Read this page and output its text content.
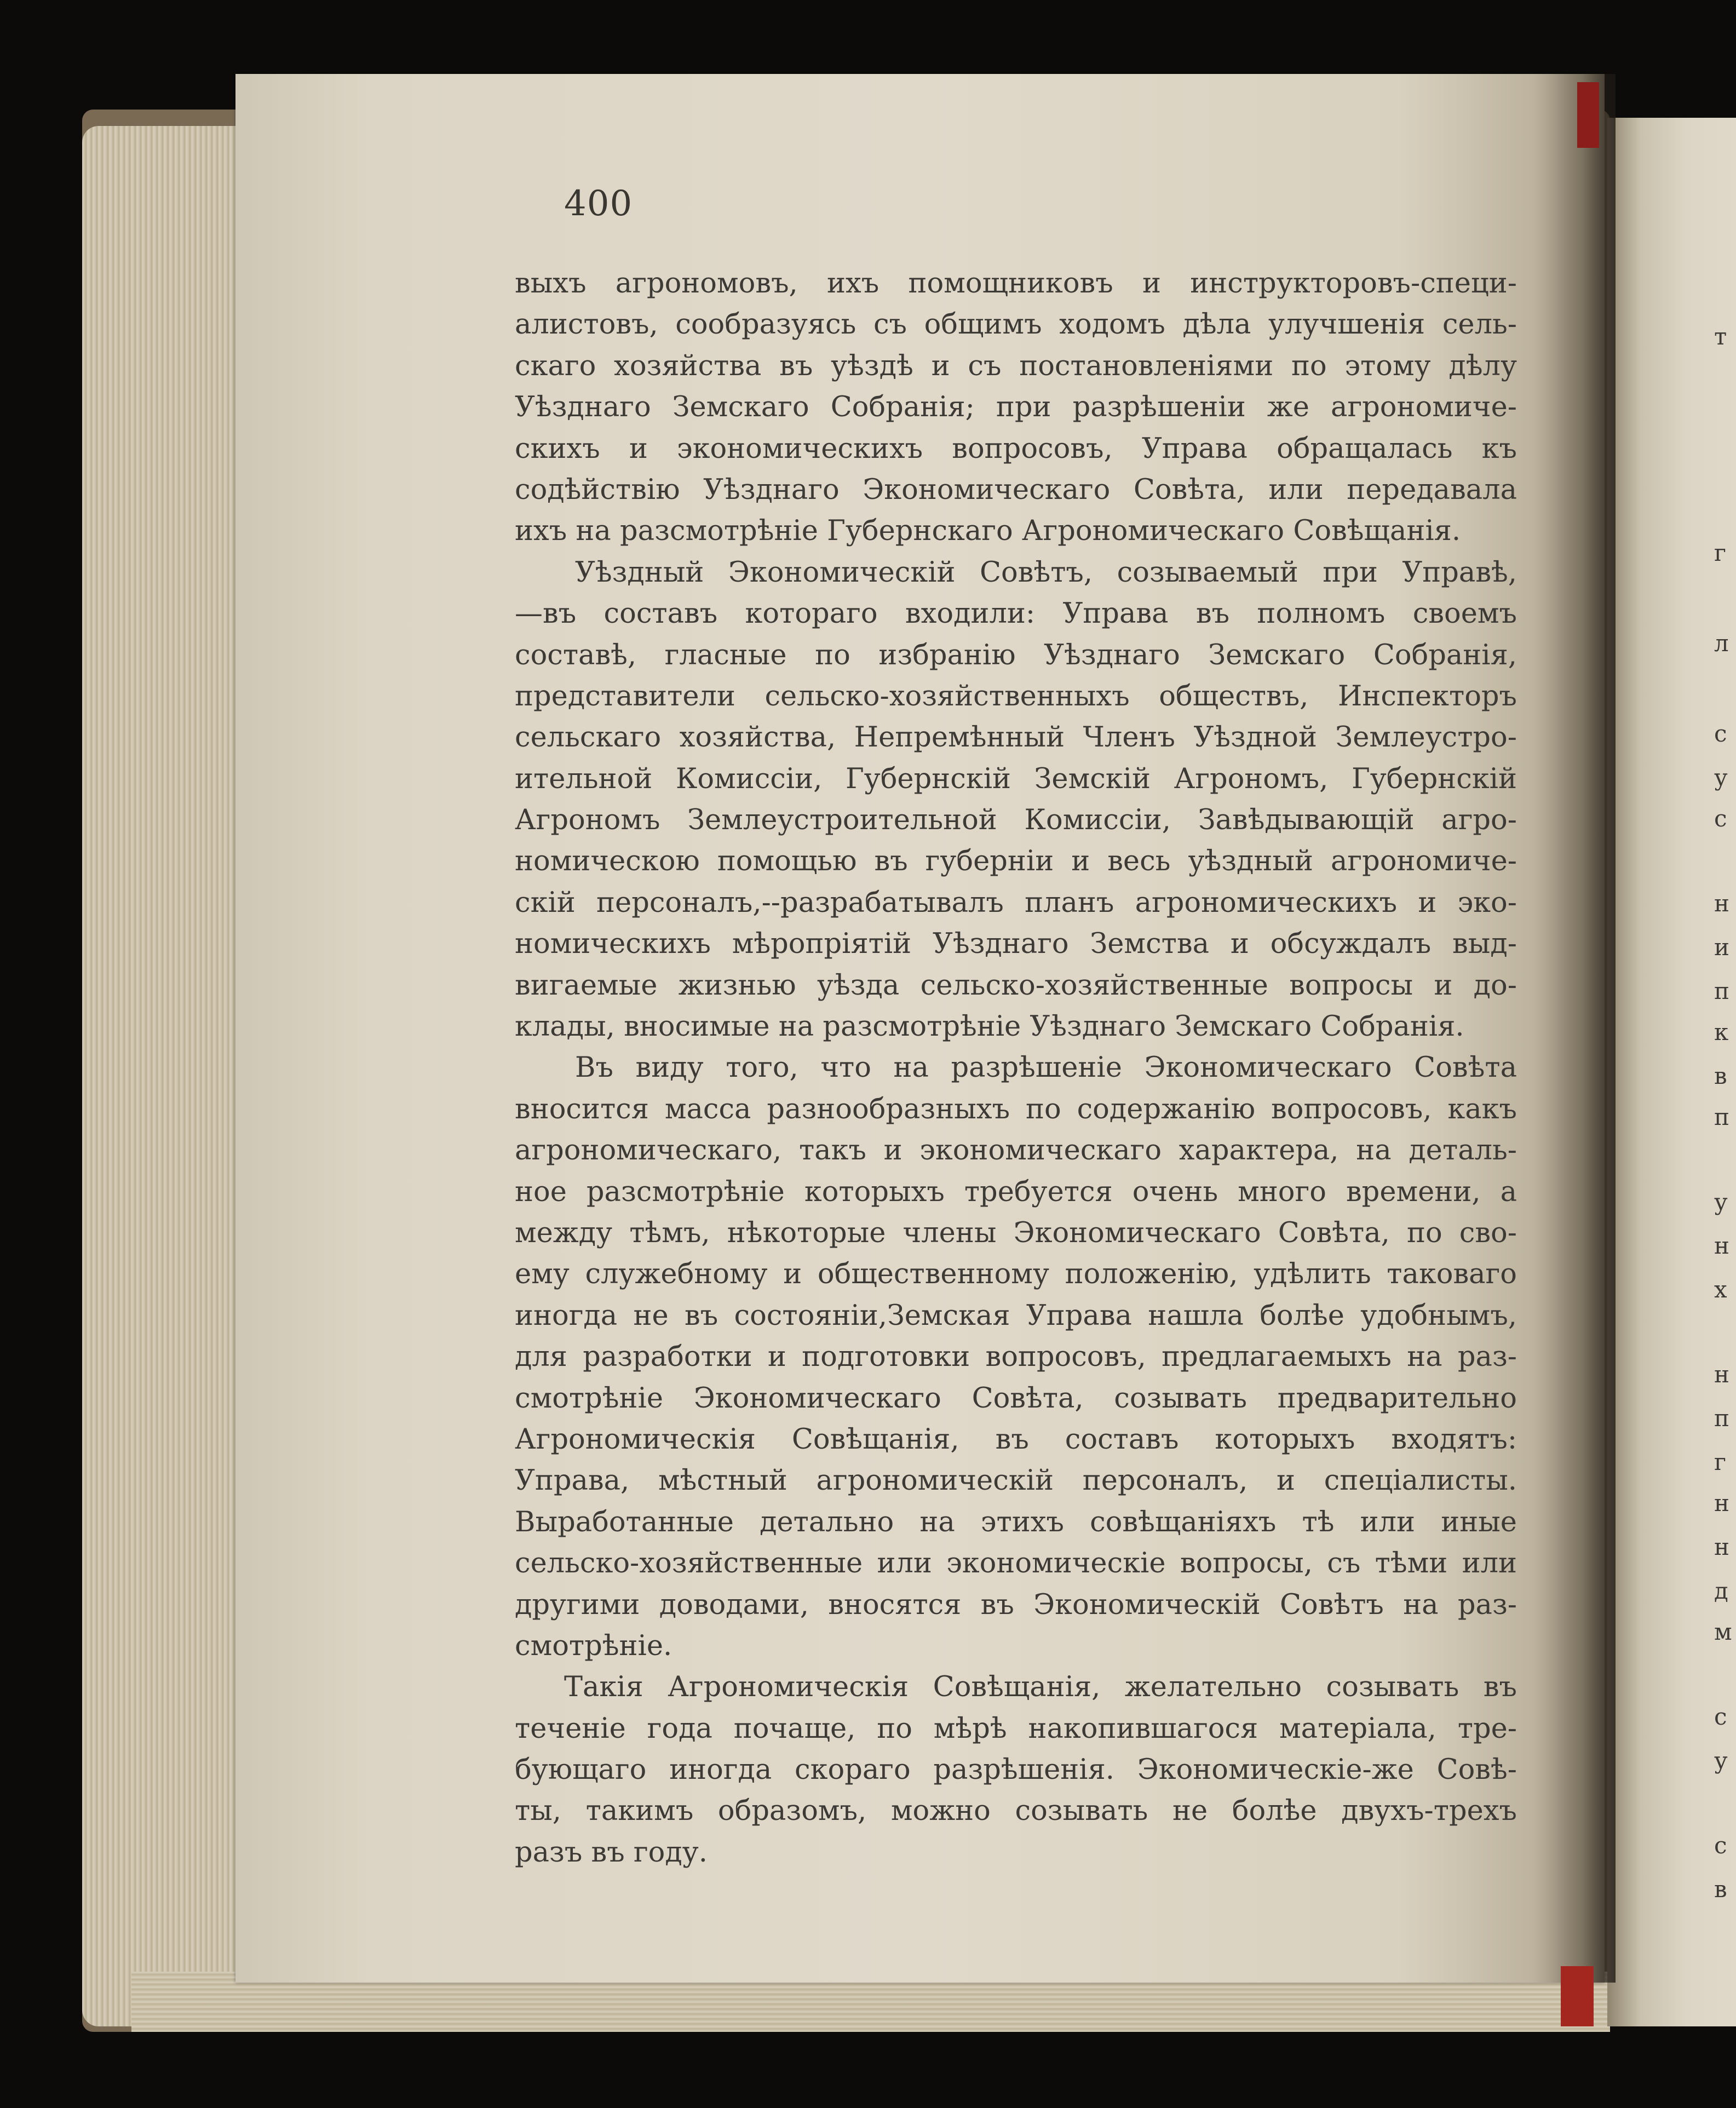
400
выхъ агрономовъ, ихъ помощниковъ и инструкторовъ-специ-
алистовъ, сообразуясь съ общимъ ходомъ дѣла улучшенія сель-
скаго хозяйства въ уѣздѣ и съ постановленіями по этому дѣлу
Уѣзднаго Земскаго Собранія; при разрѣшеніи же агрономиче-
скихъ и экономическихъ вопросовъ, Управа обращалась къ
содѣйствію Уѣзднаго Экономическаго Совѣта, или передавала
ихъ на разсмотрѣніе Губернскаго Агрономическаго Совѣщанія.
Уѣздный Экономическій Совѣтъ, созываемый при Управѣ,
—въ составъ котораго входили: Управа въ полномъ своемъ
составѣ, гласные по избранію Уѣзднаго Земскаго Собранія,
представители сельско-хозяйственныхъ обществъ, Инспекторъ
сельскаго хозяйства, Непремѣнный Членъ Уѣздной Землеустро-
ительной Комиссіи, Губернскій Земскій Агрономъ, Губернскій
Агрономъ Землеустроительной Комиссіи, Завѣдывающій агро-
номическою помощью въ губерніи и весь уѣздный агрономиче-
скій персоналъ,--разрабатывалъ планъ агрономическихъ и эко-
номическихъ мѣропріятій Уѣзднаго Земства и обсуждалъ выд-
вигаемые жизнью уѣзда сельско-хозяйственные вопросы и до-
клады, вносимые на разсмотрѣніе Уѣзднаго Земскаго Собранія.
Въ виду того, что на разрѣшеніе Экономическаго Совѣта
вносится масса разнообразныхъ по содержанію вопросовъ, какъ
агрономическаго, такъ и экономическаго характера, на деталь-
ное разсмотрѣніе которыхъ требуется очень много времени, а
между тѣмъ, нѣкоторые члены Экономическаго Совѣта, по сво-
ему служебному и общественному положенію, удѣлить таковаго
иногда не въ состояніи,Земская Управа нашла болѣе удобнымъ,
для разработки и подготовки вопросовъ, предлагаемыхъ на раз-
смотрѣніе Экономическаго Совѣта, созывать предварительно
Агрономическія Совѣщанія, въ составъ которыхъ входятъ:
Управа, мѣстный агрономическій персоналъ, и спеціалисты.
Выработанные детально на этихъ совѣщаніяхъ тѣ или иные
сельско-хозяйственные или экономическіе вопросы, съ тѣми или
другими доводами, вносятся въ Экономическій Совѣтъ на раз-
смотрѣніе.
Такія Агрономическія Совѣщанія, желательно созывать въ
теченіе года почаще, по мѣрѣ накопившагося матеріала, тре-
бующаго иногда скораго разрѣшенія. Экономическіе-же Совѣ-
ты, такимъ образомъ, можно созывать не болѣе двухъ-трехъ
разъ въ году.
т
г
л
с
у
с
н
и
п
к
в
п
у
н
х
н
п
г
н
н
д
м
с
у
с
в
